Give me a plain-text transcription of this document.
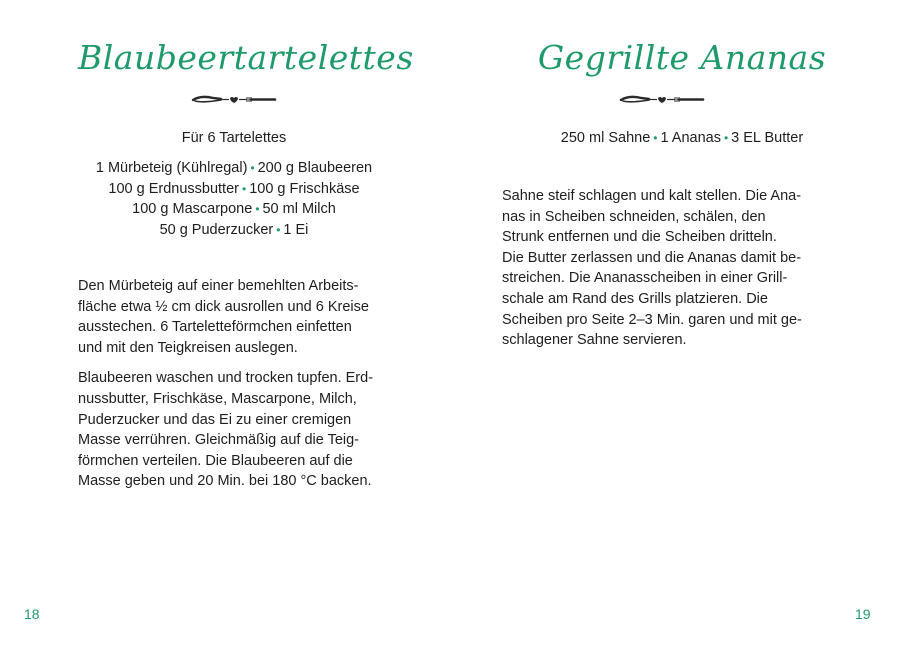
Blaubeertartelettes
Für 6 Tartelettes
1 Mürbeteig (Kühlregal) • 200 g Blaubeeren
100 g Erdnussbutter • 100 g Frischkäse
100 g Mascarpone • 50 ml Milch
50 g Puderzucker • 1 Ei

Den Mürbeteig auf einer bemehlten Arbeits-
fläche etwa ½ cm dick ausrollen und 6 Kreise
ausstechen. 6 Tarteletteförmchen einfetten
und mit den Teigkreisen auslegen.

Blaubeeren waschen und trocken tupfen. Erd-
nussbutter, Frischkäse, Mascarpone, Milch,
Puderzucker und das Ei zu einer cremigen
Masse verrühren. Gleichmäßig auf die Teig-
förmchen verteilen. Die Blaubeeren auf die
Masse geben und 20 Min. bei 180 °C backen.

18
Gegrillte Ananas
250 ml Sahne • 1 Ananas • 3 EL Butter

Sahne steif schlagen und kalt stellen. Die Ana-
nas in Scheiben schneiden, schälen, den
Strunk entfernen und die Scheiben dritteln.
Die Butter zerlassen und die Ananas damit be-
streichen. Die Ananasscheiben in einer Grill-
schale am Rand des Grills platzieren. Die
Scheiben pro Seite 2–3 Min. garen und mit ge-
schlagener Sahne servieren.

19
